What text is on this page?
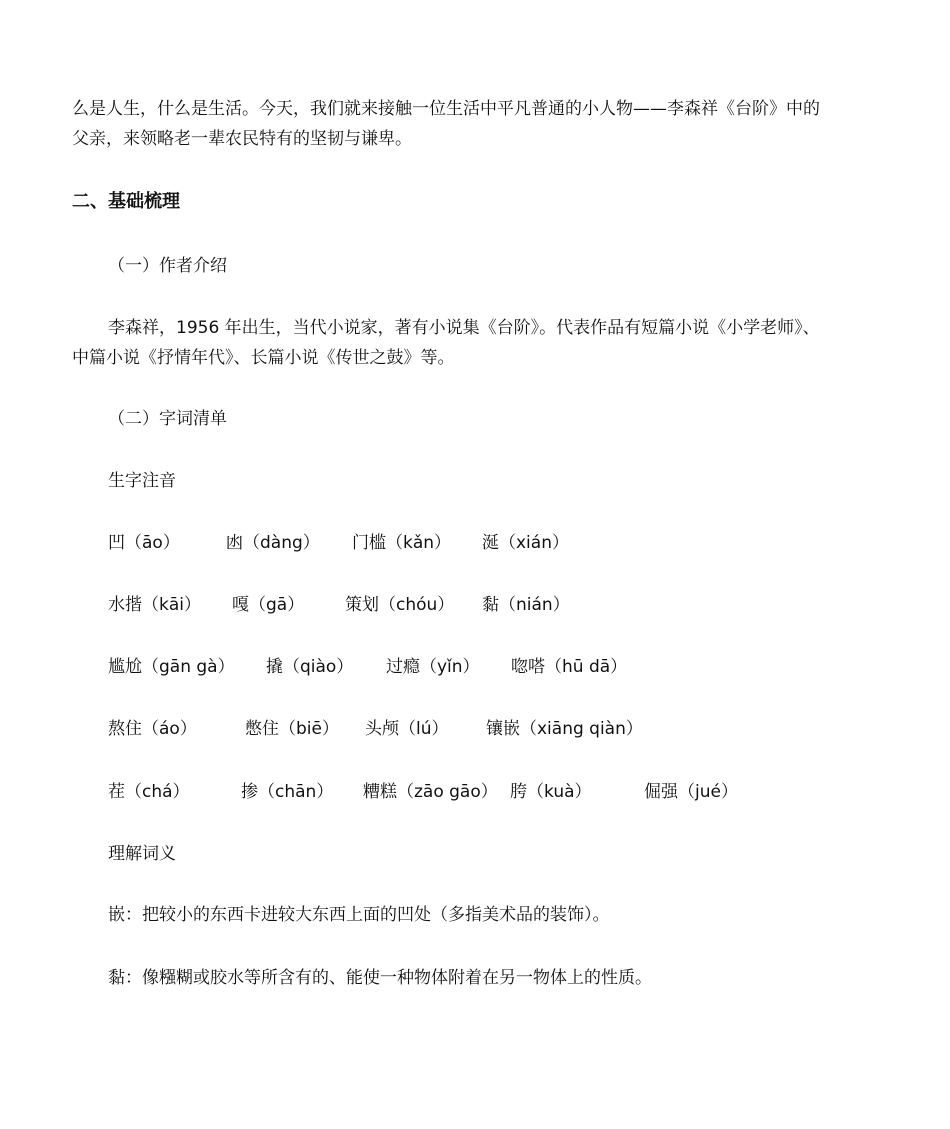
么是人生，什么是生活。今天，我们就来接触一位生活中平凡普通的小人物——李森祥《台阶》中的
父亲，来领略老一辈农民特有的坚韧与谦卑。
二、基础梳理
（一）作者介绍
李森祥，1956 年出生，当代小说家，著有小说集《台阶》。代表作品有短篇小说《小学老师》、
中篇小说《抒情年代》、长篇小说《传世之鼓》等。
（二）字词清单
生字注音
凹（āo）	凼（dàng） 门槛（kǎn） 涎（xián）
水揩（kāi） 嘎（gā） 策划（chóu） 黏（nián）
尴尬（gān gà） 撬（qiào） 过瘾（yǐn） 唿嗒（hū dā）
熬住（áo）	憋住（biē） 头颅（lú） 镶嵌（xiāng qiàn）
茬（chá）	掺（chān） 糟糕（zāo gāo） 胯（kuà）	倔强（jué）
理解词义
嵌：把较小的东西卡进较大东西上面的凹处（多指美术品的装饰）。
黏：像糨糊或胶水等所含有的、能使一种物体附着在另一物体上的性质。
